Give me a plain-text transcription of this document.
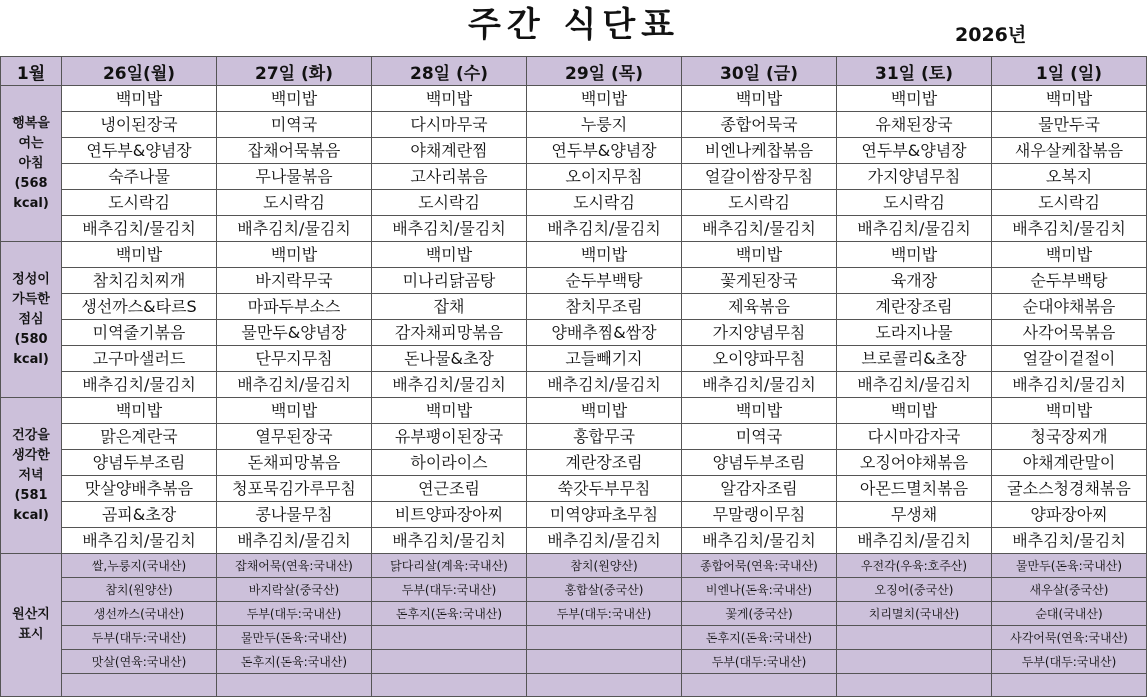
주간 식단표	2026년
1월	26일(월)	27일 (화)	28일 (수)	29일 (목)	30일 (금)	31일 (토)	1일 (일)

행복을
여는
아침
(568
kcal)	백미밥	백미밥	백미밥	백미밥	백미밥	백미밥	백미밥
	냉이된장국	미역국	다시마무국	누룽지	종합어묵국	유채된장국	물만두국
	연두부&양념장	잡채어묵볶음	야채계란찜	연두부&양념장	비엔나케찹볶음	연두부&양념장	새우살케찹볶음
	숙주나물	무나물볶음	고사리볶음	오이지무침	얼갈이쌈장무침	가지양념무침	오복지
	도시락김	도시락김	도시락김	도시락김	도시락김	도시락김	도시락김
	배추김치/물김치	배추김치/물김치	배추김치/물김치	배추김치/물김치	배추김치/물김치	배추김치/물김치	배추김치/물김치

정성이
가득한
점심
(580
kcal)	백미밥	백미밥	백미밥	백미밥	백미밥	백미밥	백미밥
	참치김치찌개	바지락무국	미나리닭곰탕	순두부백탕	꽃게된장국	육개장	순두부백탕
	생선까스&타르S	마파두부소스	잡채	참치무조림	제육볶음	계란장조림	순대야채볶음
	미역줄기볶음	물만두&양념장	감자채피망볶음	양배추찜&쌈장	가지양념무침	도라지나물	사각어묵볶음
	고구마샐러드	단무지무침	돈나물&초장	고들빼기지	오이양파무침	브로콜리&초장	얼갈이겉절이
	배추김치/물김치	배추김치/물김치	배추김치/물김치	배추김치/물김치	배추김치/물김치	배추김치/물김치	배추김치/물김치

건강을
생각한
저녁
(581
kcal)	백미밥	백미밥	백미밥	백미밥	백미밥	백미밥	백미밥
	맑은계란국	열무된장국	유부팽이된장국	홍합무국	미역국	다시마감자국	청국장찌개
	양념두부조림	돈채피망볶음	하이라이스	계란장조림	양념두부조림	오징어야채볶음	야채계란말이
	맛살양배추볶음	청포묵김가루무침	연근조림	쑥갓두부무침	알감자조림	아몬드멸치볶음	굴소스청경채볶음
	곰피&초장	콩나물무침	비트양파장아찌	미역양파초무침	무말랭이무침	무생채	양파장아찌
	배추김치/물김치	배추김치/물김치	배추김치/물김치	배추김치/물김치	배추김치/물김치	배추김치/물김치	배추김치/물김치

원산지
표시	쌀,누룽지(국내산)	잡채어묵(연육:국내산)	닭다리살(계육:국내산)	참치(원양산)	종합어묵(연육:국내산)	우전각(우육:호주산)	물만두(돈육:국내산)
	참치(원양산)	바지락살(중국산)	두부(대두:국내산)	홍합살(중국산)	비엔나(돈육:국내산)	오징어(중국산)	새우살(중국산)
	생선까스(국내산)	두부(대두:국내산)	돈후지(돈육:국내산)	두부(대두:국내산)	꽃게(중국산)	치리멸치(국내산)	순대(국내산)
	두부(대두:국내산)	물만두(돈육:국내산)			돈후지(돈육:국내산)		사각어묵(연육:국내산)
	맛살(연육:국내산)	돈후지(돈육:국내산)			두부(대두:국내산)		두부(대두:국내산)
